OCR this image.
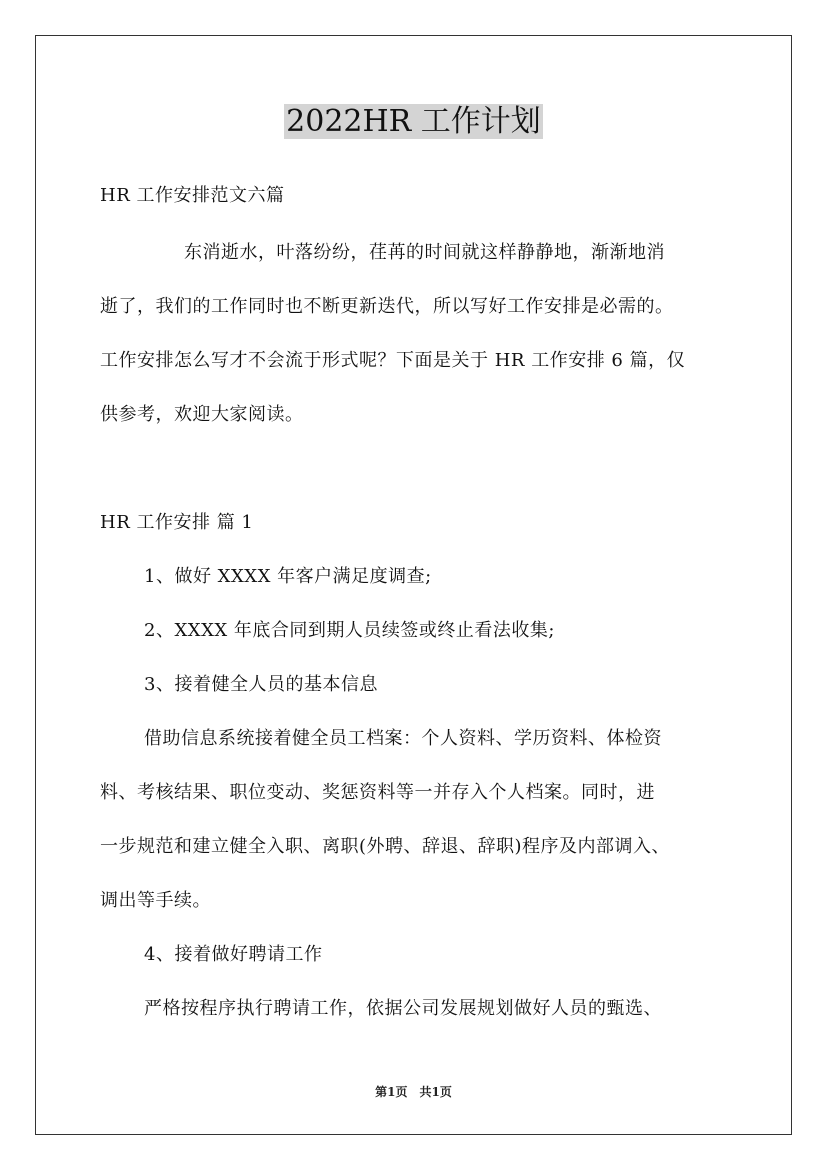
2022HR 工作计划
HR 工作安排范文六篇
东消逝水，叶落纷纷，荏苒的时间就这样静静地，渐渐地消
逝了，我们的工作同时也不断更新迭代，所以写好工作安排是必需的。
工作安排怎么写才不会流于形式呢？下面是关于 HR 工作安排 6 篇，仅
供参考，欢迎大家阅读。
HR 工作安排 篇 1
1、做好 XXXX 年客户满足度调查;
2、XXXX 年底合同到期人员续签或终止看法收集;
3、接着健全人员的基本信息
借助信息系统接着健全员工档案：个人资料、学历资料、体检资
料、考核结果、职位变动、奖惩资料等一并存入个人档案。同时，进
一步规范和建立健全入职、离职(外聘、辞退、辞职)程序及内部调入、
调出等手续。
4、接着做好聘请工作
严格按程序执行聘请工作，依据公司发展规划做好人员的甄选、
第1页　共1页
